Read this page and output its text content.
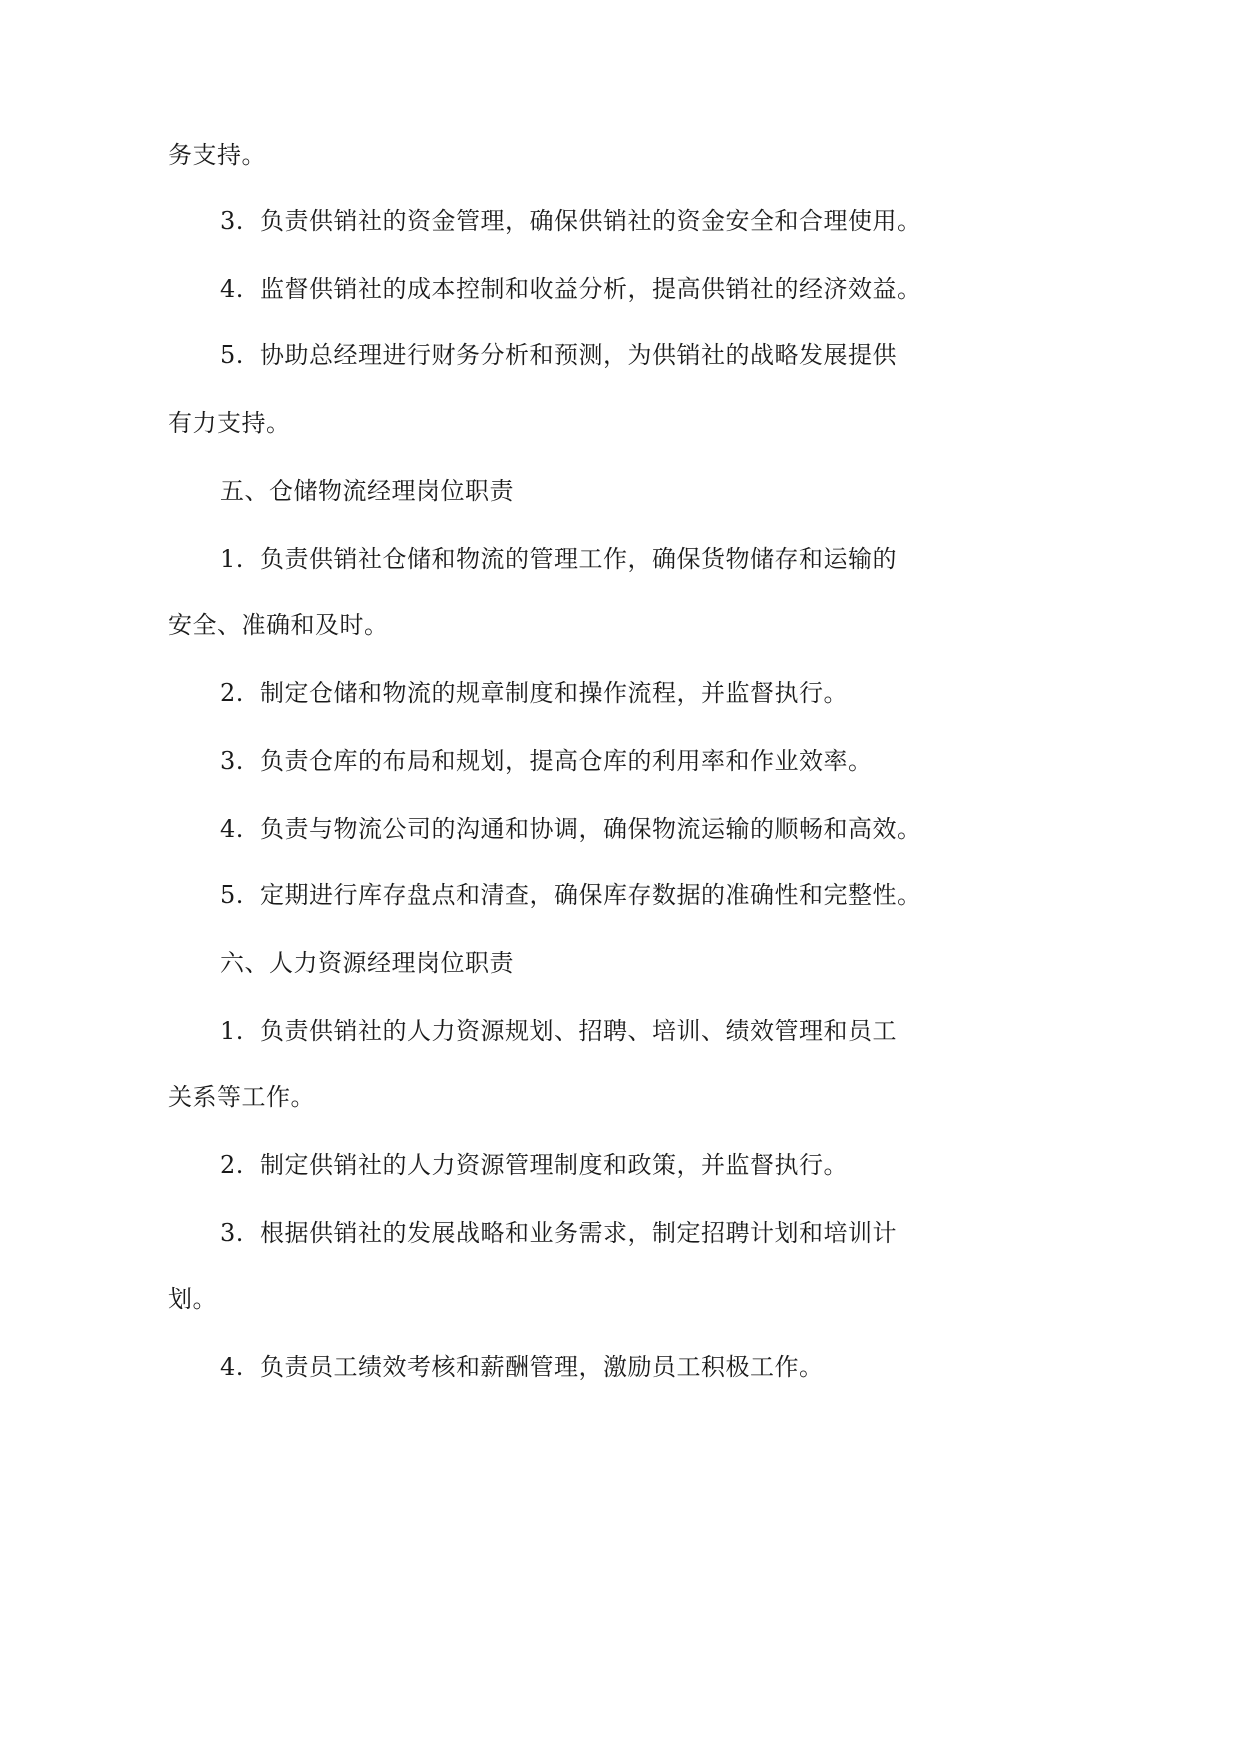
务支持。

3. 负责供销社的资金管理，确保供销社的资金安全和合理使用。

4. 监督供销社的成本控制和收益分析，提高供销社的经济效益。

5. 协助总经理进行财务分析和预测，为供销社的战略发展提供

有力支持。

五、仓储物流经理岗位职责

1. 负责供销社仓储和物流的管理工作，确保货物储存和运输的

安全、准确和及时。

2. 制定仓储和物流的规章制度和操作流程，并监督执行。

3. 负责仓库的布局和规划，提高仓库的利用率和作业效率。

4. 负责与物流公司的沟通和协调，确保物流运输的顺畅和高效。

5. 定期进行库存盘点和清查，确保库存数据的准确性和完整性。

六、人力资源经理岗位职责

1. 负责供销社的人力资源规划、招聘、培训、绩效管理和员工

关系等工作。

2. 制定供销社的人力资源管理制度和政策，并监督执行。

3. 根据供销社的发展战略和业务需求，制定招聘计划和培训计

划。

4. 负责员工绩效考核和薪酬管理，激励员工积极工作。
